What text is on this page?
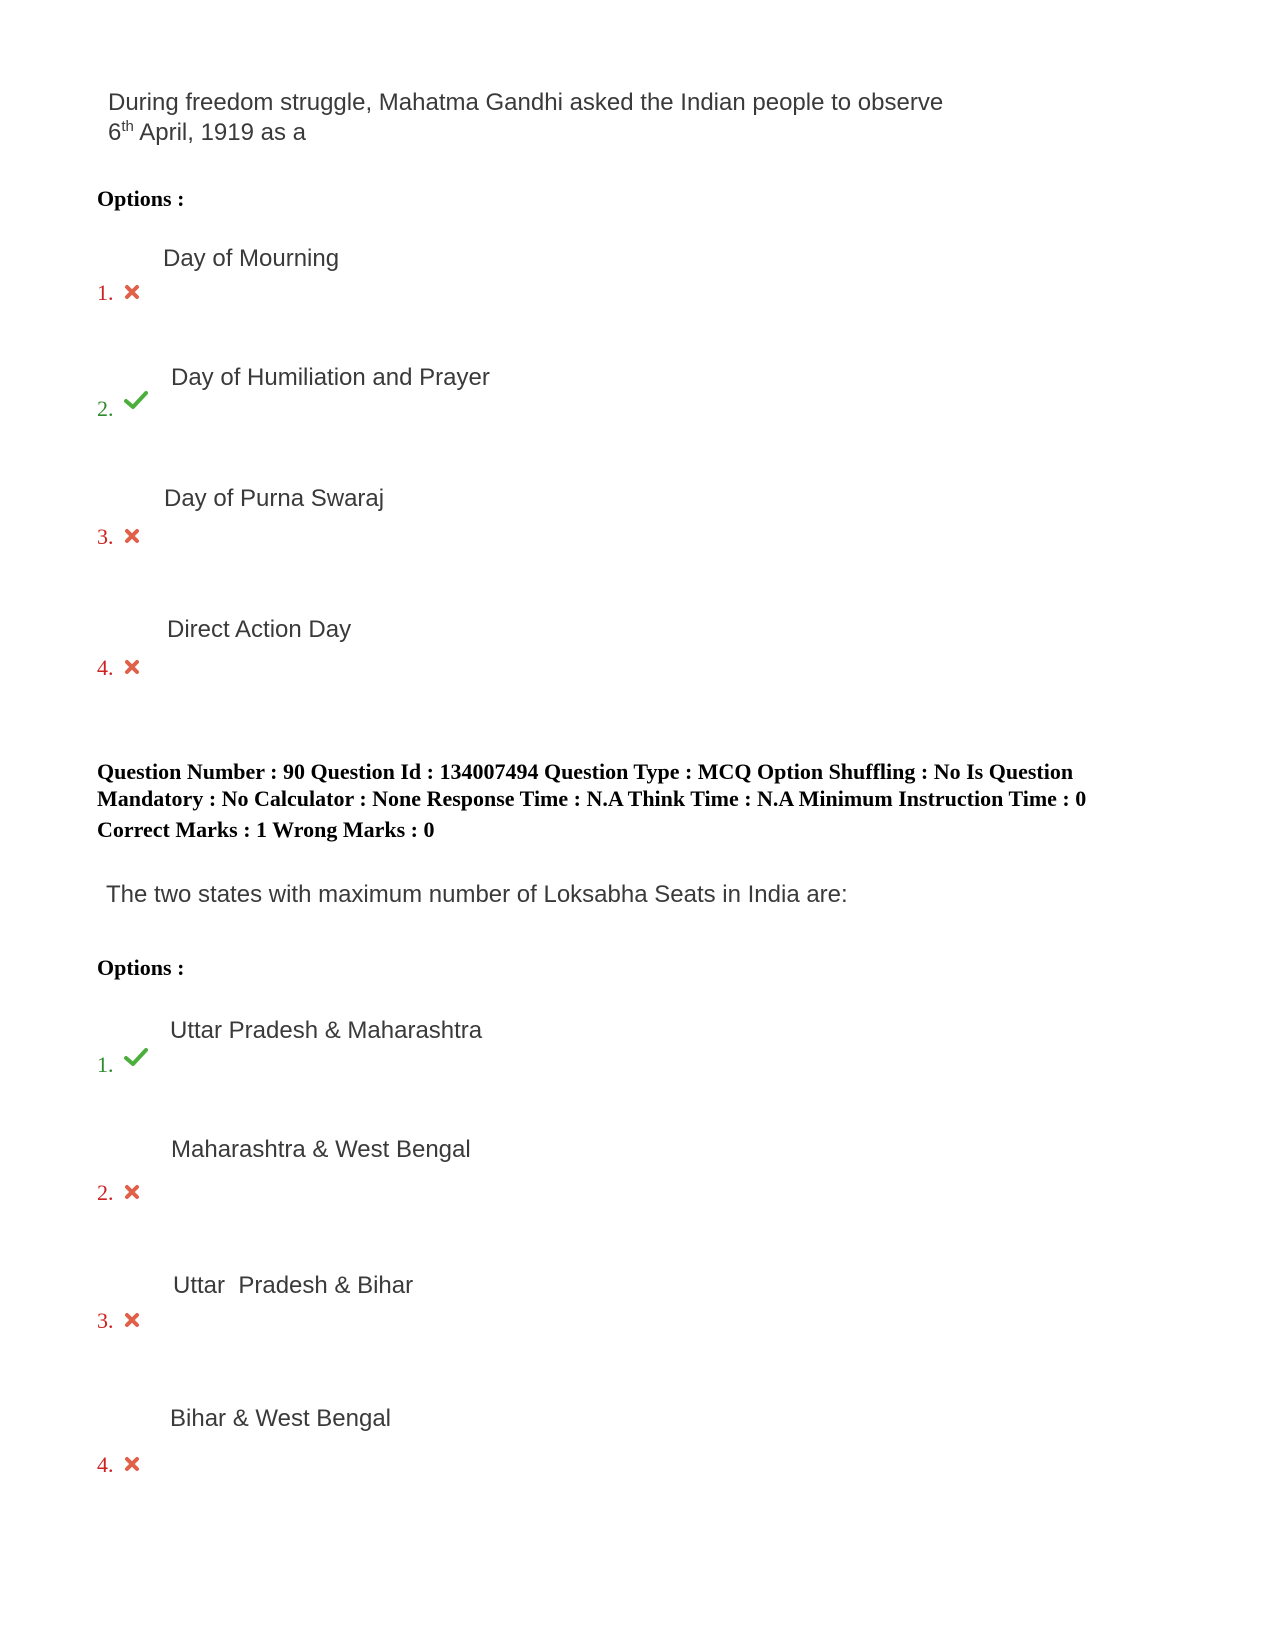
During freedom struggle, Mahatma Gandhi asked the Indian people to observe
6th April, 1919 as a
Options :
Day of Mourning
1.
Day of Humiliation and Prayer
2.
Day of Purna Swaraj
3.
Direct Action Day
4.
Question Number : 90 Question Id : 134007494 Question Type : MCQ Option Shuffling : No Is Question
Mandatory : No Calculator : None Response Time : N.A Think Time : N.A Minimum Instruction Time : 0
Correct Marks : 1 Wrong Marks : 0
The two states with maximum number of Loksabha Seats in India are:
Options :
Uttar Pradesh & Maharashtra
1.
Maharashtra & West Bengal
2.
Uttar  Pradesh & Bihar
3.
Bihar & West Bengal
4.
